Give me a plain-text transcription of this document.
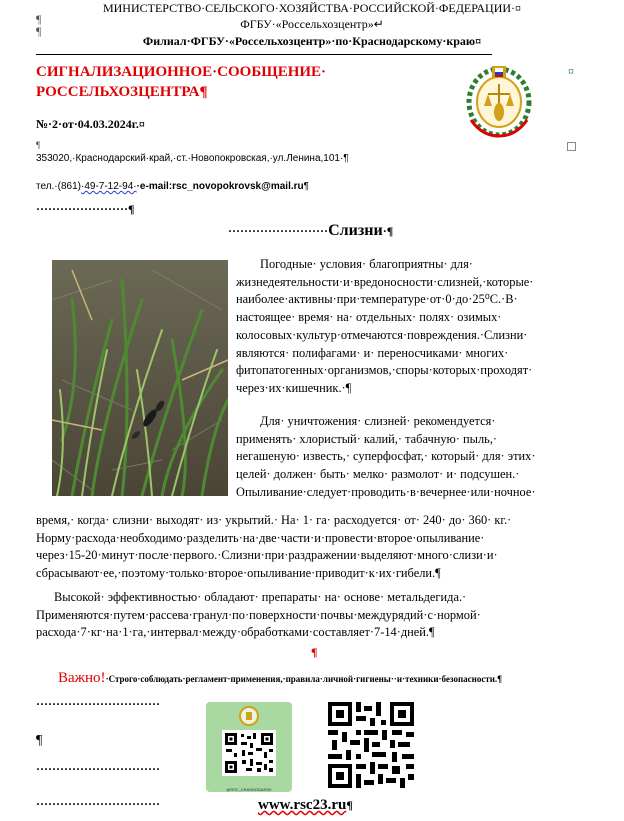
МИНИСТЕРСТВО·СЕЛЬСКОГО·ХОЗЯЙСТВА·РОССИЙСКОЙ·ФЕДЕРАЦИИ·¤
¶	ФГБУ·«Россельхозцентр»↵
¶
Филиал·ФГБУ·«Россельхозцентр»·по·Краснодарскому·краю¤
СИГНАЛИЗАЦИОННОЕ·СООБЩЕНИЕ·
РОССЕЛЬХОЗЦЕНТРА¶
№·2·от·04.03.2024г.¤
¤
¶
353020,·Краснодарский·край,·ст.·Новопокровская,·ул.Ленина,101·¶
тел.·(861)·49-7-12-94··e-mail:rsc_novopokrovsk@mail.ru¶
·······················¶
·························Слизни·¶
Погодные· условия· благоприятны· для·
жизнедеятельности·и·вредоносности·слизней,·которые·
наиболее·активны·при·температуре·от·0·до·25⁰С.·В·
настоящее· время· на· отдельных· полях· озимых·
колосовых·культур·отмечаются·повреждения.·Слизни·
являются· полифагами· и· переносчиками· многих·
фитопатогенных·организмов,·споры·которых·проходят·
через·их·кишечник.·¶
Для· уничтожения· слизней· рекомендуется·
применять· хлористый· калий,· табачную· пыль,·
негашеную· известь,· суперфосфат,· который· для· этих·
целей· должен· быть· мелко· размолот· и· подсушен.·
Опыливание·следует·проводить·в·вечернее·или·ночное·
время,· когда· слизни· выходят· из· укрытий.· На· 1· га· расходуется· от· 240· до· 360· кг.·
Норму·расхода·необходимо·разделить·на·две·части·и·провести·второе·опыливание·
через·15-20·минут·после·первого.·Слизни·при·раздражении·выделяют·много·слизи·и·
сбрасывают·ее,·поэтому·только·второе·опыливание·приводит·к·их·гибели.¶
Высокой· эффективностью· обладают· препараты· на· основе· метальдегида.·
Применяются·путем·рассева·гранул·по·поверхности·почвы·междурядий·с·нормой·
расхода·7·кг·на·1·га,·интервал·между·обработками·составляет·7-14·дней.¶
¶
Важно!·Строго·соблюдать·регламент·применения,·правила·личной·гигиены··и·техники·безопасности.¶
·······························
¶
·······························
·······························
@RSC_KRASNODARSK
www.rsc23.ru¶
